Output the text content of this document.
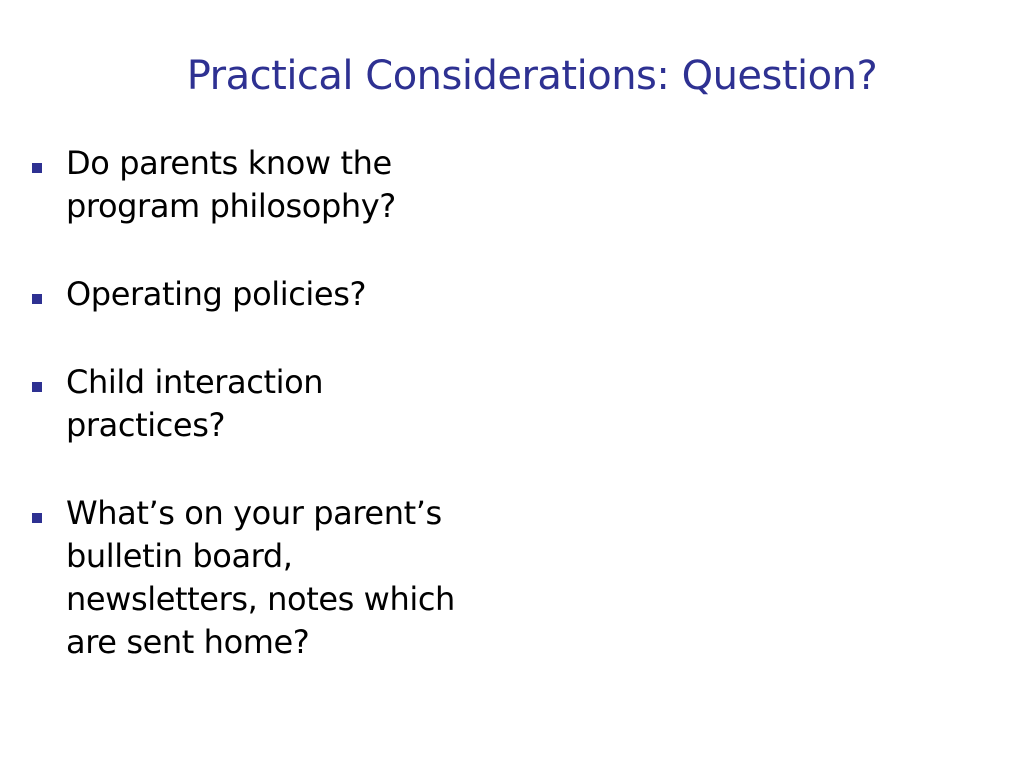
Practical Considerations: Question?
Do parents know the
program philosophy?
Operating policies?
Child interaction
practices?
What’s on your parent’s
bulletin board,
newsletters, notes which
are sent home?
